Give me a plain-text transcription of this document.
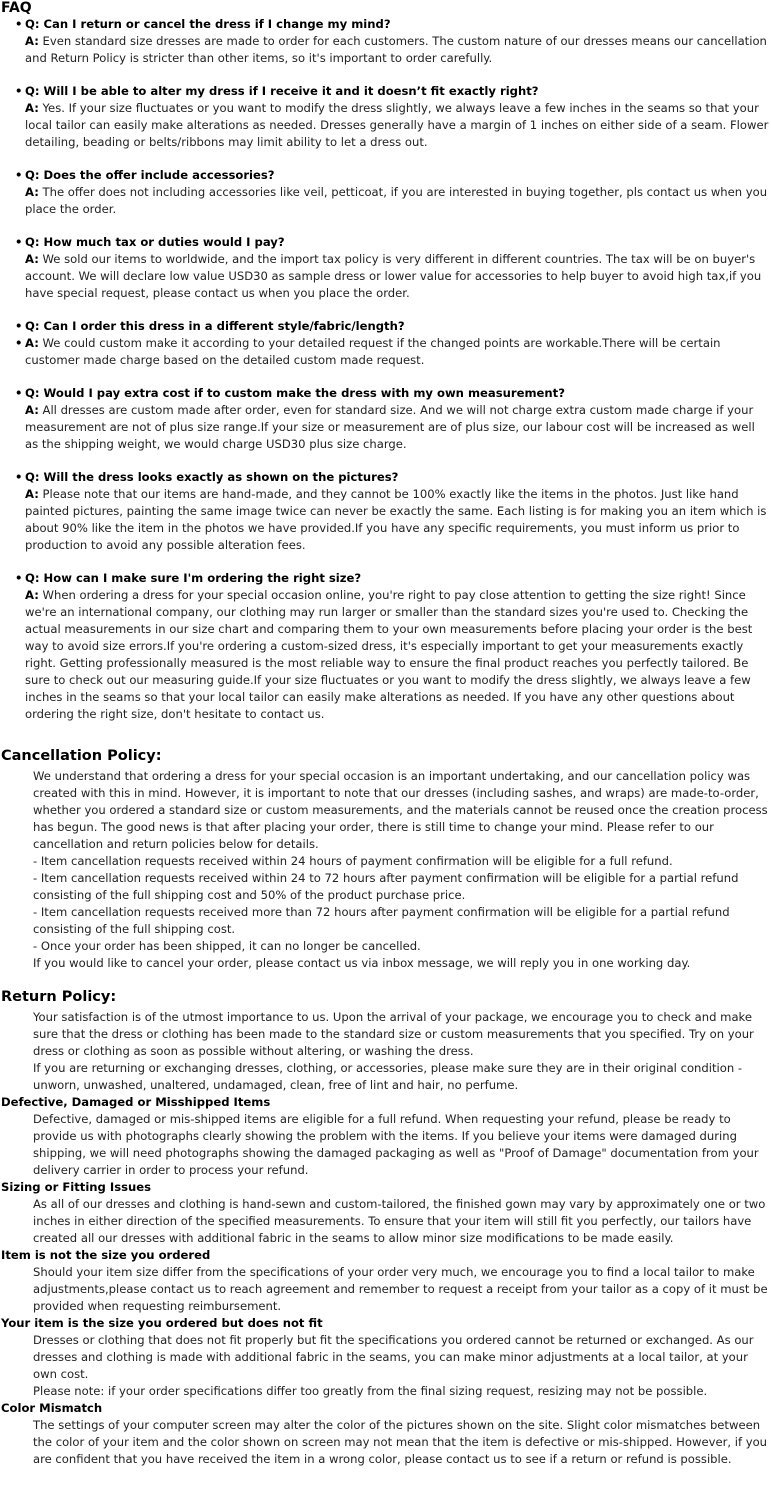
FAQ
• Q: Can I return or cancel the dress if I change my mind?
A: Even standard size dresses are made to order for each customers. The custom nature of our dresses means our cancellation and Return Policy is stricter than other items, so it's important to order carefully.
• Q: Will I be able to alter my dress if I receive it and it doesn’t fit exactly right?
A: Yes. If your size fluctuates or you want to modify the dress slightly, we always leave a few inches in the seams so that your local tailor can easily make alterations as needed. Dresses generally have a margin of 1 inches on either side of a seam. Flower detailing, beading or belts/ribbons may limit ability to let a dress out.
• Q: Does the offer include accessories?
A: The offer does not including accessories like veil, petticoat, if you are interested in buying together, pls contact us when you place the order.
• Q: How much tax or duties would I pay?
A: We sold our items to worldwide, and the import tax policy is very different in different countries. The tax will be on buyer's account. We will declare low value USD30 as sample dress or lower value for accessories to help buyer to avoid high tax,if you have special request, please contact us when you place the order.
• Q: Can I order this dress in a different style/fabric/length?
• A: We could custom make it according to your detailed request if the changed points are workable.There will be certain customer made charge based on the detailed custom made request.
• Q: Would I pay extra cost if to custom make the dress with my own measurement?
A: All dresses are custom made after order, even for standard size. And we will not charge extra custom made charge if your measurement are not of plus size range.If your size or measurement are of plus size, our labour cost will be increased as well as the shipping weight, we would charge USD30 plus size charge.
• Q: Will the dress looks exactly as shown on the pictures?
A: Please note that our items are hand-made, and they cannot be 100% exactly like the items in the photos. Just like hand painted pictures, painting the same image twice can never be exactly the same. Each listing is for making you an item which is about 90% like the item in the photos we have provided.If you have any specific requirements, you must inform us prior to production to avoid any possible alteration fees.
• Q: How can I make sure I'm ordering the right size?
A: When ordering a dress for your special occasion online, you're right to pay close attention to getting the size right! Since we're an international company, our clothing may run larger or smaller than the standard sizes you're used to. Checking the actual measurements in our size chart and comparing them to your own measurements before placing your order is the best way to avoid size errors.If you're ordering a custom-sized dress, it's especially important to get your measurements exactly right. Getting professionally measured is the most reliable way to ensure the final product reaches you perfectly tailored. Be sure to check out our measuring guide.If your size fluctuates or you want to modify the dress slightly, we always leave a few inches in the seams so that your local tailor can easily make alterations as needed. If you have any other questions about ordering the right size, don't hesitate to contact us.
Cancellation Policy:

We understand that ordering a dress for your special occasion is an important undertaking, and our cancellation policy was created with this in mind. However, it is important to note that our dresses (including sashes, and wraps) are made-to-order, whether you ordered a standard size or custom measurements, and the materials cannot be reused once the creation process has begun. The good news is that after placing your order, there is still time to change your mind. Please refer to our cancellation and return policies below for details.

- Item cancellation requests received within 24 hours of payment confirmation will be eligible for a full refund.

- Item cancellation requests received within 24 to 72 hours after payment confirmation will be eligible for a partial refund consisting of the full shipping cost and 50% of the product purchase price.

- Item cancellation requests received more than 72 hours after payment confirmation will be eligible for a partial refund consisting of the full shipping cost.

- Once your order has been shipped, it can no longer be cancelled.

If you would like to cancel your order, please contact us via inbox message, we will reply you in one working day.

Return Policy:

Your satisfaction is of the utmost importance to us. Upon the arrival of your package, we encourage you to check and make sure that the dress or clothing has been made to the standard size or custom measurements that you specified. Try on your dress or clothing as soon as possible without altering, or washing the dress.

If you are returning or exchanging dresses, clothing, or accessories, please make sure they are in their original condition - unworn, unwashed, unaltered, undamaged, clean, free of lint and hair, no perfume.

Defective, Damaged or Misshipped Items

Defective, damaged or mis-shipped items are eligible for a full refund. When requesting your refund, please be ready to provide us with photographs clearly showing the problem with the items. If you believe your items were damaged during shipping, we will need photographs showing the damaged packaging as well as "Proof of Damage" documentation from your delivery carrier in order to process your refund.

Sizing or Fitting Issues

As all of our dresses and clothing is hand-sewn and custom-tailored, the finished gown may vary by approximately one or two inches in either direction of the specified measurements. To ensure that your item will still fit you perfectly, our tailors have created all our dresses with additional fabric in the seams to allow minor size modifications to be made easily.

Item is not the size you ordered

Should your item size differ from the specifications of your order very much, we encourage you to find a local tailor to make adjustments,please contact us to reach agreement and remember to request a receipt from your tailor as a copy of it must be provided when requesting reimbursement.

Your item is the size you ordered but does not fit

Dresses or clothing that does not fit properly but fit the specifications you ordered cannot be returned or exchanged. As our dresses and clothing is made with additional fabric in the seams, you can make minor adjustments at a local tailor, at your own cost.

Please note: if your order specifications differ too greatly from the final sizing request, resizing may not be possible.

Color Mismatch

The settings of your computer screen may alter the color of the pictures shown on the site. Slight color mismatches between the color of your item and the color shown on screen may not mean that the item is defective or mis-shipped. However, if you are confident that you have received the item in a wrong color, please contact us to see if a return or refund is possible.
